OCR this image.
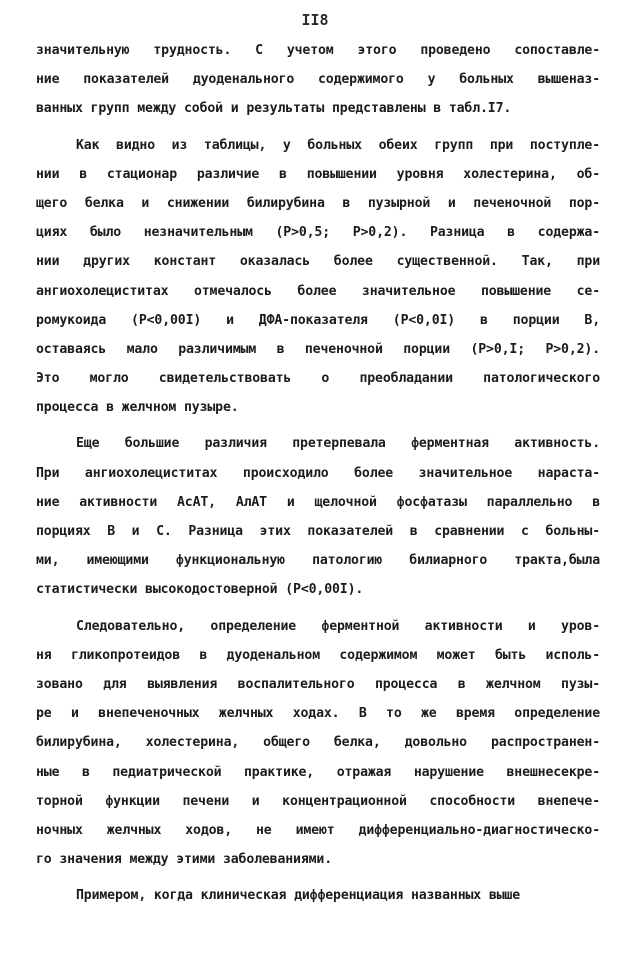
II8
значительную трудность. С учетом этого проведено сопоставле-
ние показателей дуоденального содержимого у больных вышеназ-
ванных групп между собой и результаты представлены в табл.I7.
Как видно из таблицы, у больных обеих групп при поступле-
нии в стационар различие в повышении уровня холестерина, об-
щего белка и снижении билирубина в пузырной и печеночной пор-
циях было незначительным (Р>0,5; Р>0,2). Разница в содержа-
нии других констант оказалась более существенной. Так, при
ангиохолециститах отмечалось более значительное повышение се-
ромукоида (Р<0,00I) и ДФА-показателя (Р<0,0I) в порции В,
оставаясь мало различимым в печеночной порции (Р>0,I; Р>0,2).
Это могло свидетельствовать о преобладании патологического
процесса в желчном пузыре.
Еще большие различия претерпевала ферментная активность.
При ангиохолециститах происходило более значительное нараста-
ние активности АсАТ, АлАТ и щелочной фосфатазы параллельно в
порциях В и С. Разница этих показателей в сравнении с больны-
ми, имеющими функциональную патологию билиарного тракта,была
статистически высокодостоверной (Р<0,00I).
Следовательно, определение ферментной активности и уров-
ня гликопротеидов в дуоденальном содержимом может быть исполь-
зовано для выявления воспалительного процесса в желчном пузы-
ре и внепеченочных желчных ходах. В то же время определение
билирубина, холестерина, общего белка, довольно распространен-
ные в педиатрической практике, отражая нарушение внешнесекре-
торной функции печени и концентрационной способности внепече-
ночных желчных ходов, не имеют дифференциально-диагностическо-
го значения между этими заболеваниями.
Примером, когда клиническая дифференциация названных выше
